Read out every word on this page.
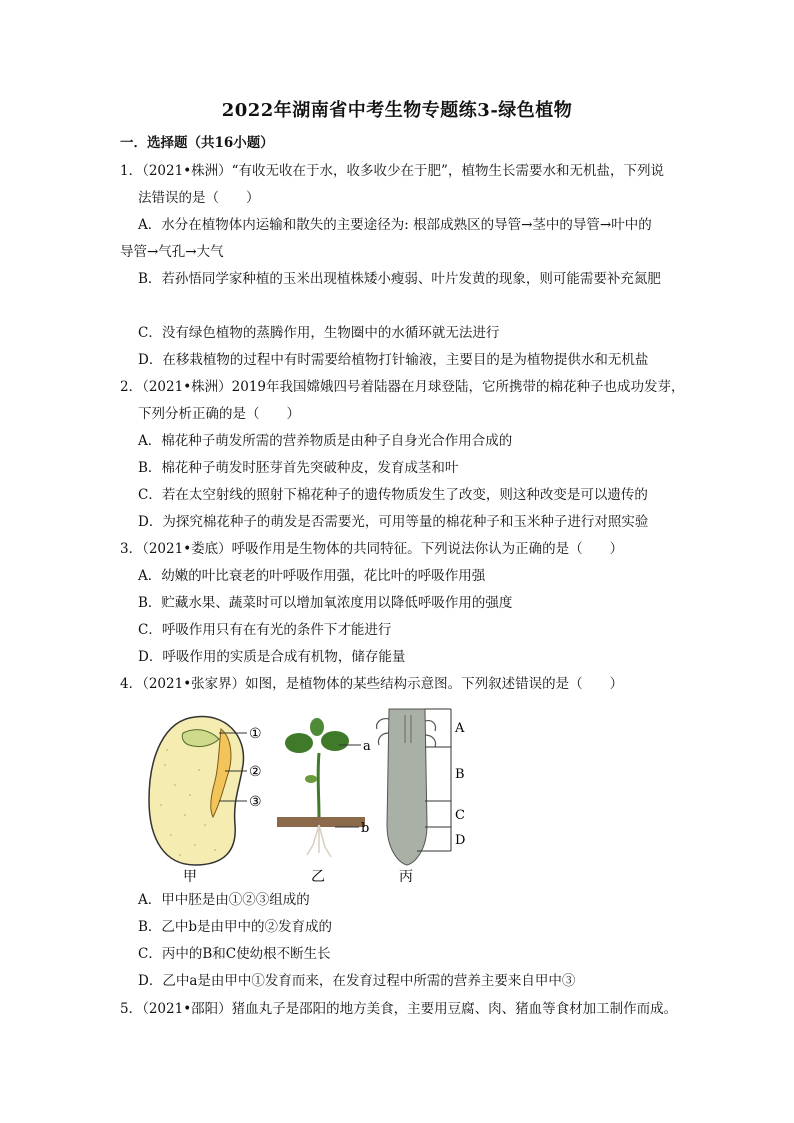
2022年湖南省中考生物专题练3-绿色植物
一．选择题（共16小题）
1．（2021•株洲）“有收无收在于水，收多收少在于肥”，植物生长需要水和无机盐，下列说
法错误的是（　　）
A．水分在植物体内运输和散失的主要途径为: 根部成熟区的导管→茎中的导管→叶中的
导管→气孔→大气
B．若孙悟同学家种植的玉米出现植株矮小瘦弱、叶片发黄的现象，则可能需要补充氮肥
C．没有绿色植物的蒸腾作用，生物圈中的水循环就无法进行
D．在移栽植物的过程中有时需要给植物打针输液，主要目的是为植物提供水和无机盐
2．（2021•株洲）2019年我国嫦娥四号着陆器在月球登陆，它所携带的棉花种子也成功发芽，
下列分析正确的是（　　）
A．棉花种子萌发所需的营养物质是由种子自身光合作用合成的
B．棉花种子萌发时胚芽首先突破种皮，发育成茎和叶
C．若在太空射线的照射下棉花种子的遗传物质发生了改变，则这种改变是可以遗传的
D．为探究棉花种子的萌发是否需要光，可用等量的棉花种子和玉米种子进行对照实验
3．（2021•娄底）呼吸作用是生物体的共同特征。下列说法你认为正确的是（　　）
A．幼嫩的叶比衰老的叶呼吸作用强，花比叶的呼吸作用强
B．贮藏水果、蔬菜时可以增加氧浓度用以降低呼吸作用的强度
C．呼吸作用只有在有光的条件下才能进行
D．呼吸作用的实质是合成有机物，储存能量
4．（2021•张家界）如图，是植物体的某些结构示意图。下列叙述错误的是（　　）
①
②
③
a
b
A
B
C
D
甲	乙	丙
A．甲中胚是由①②③组成的
B．乙中b是由甲中的②发育成的
C．丙中的B和C使幼根不断生长
D．乙中a是由甲中①发育而来，在发育过程中所需的营养主要来自甲中③
5．（2021•邵阳）猪血丸子是邵阳的地方美食，主要用豆腐、肉、猪血等食材加工制作而成。
